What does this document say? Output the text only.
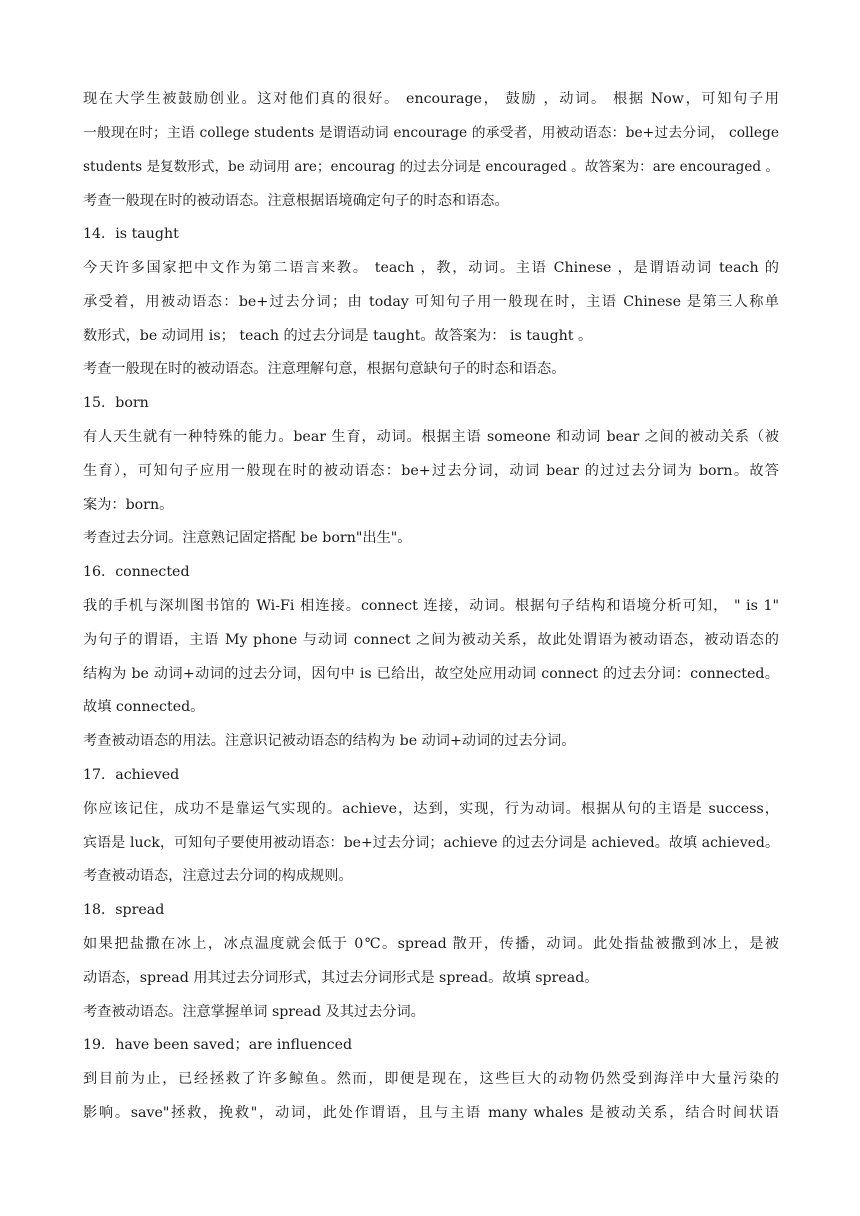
现在大学生被鼓励创业。这对他们真的很好。 encourage， 鼓励 ，动词。 根据 Now，可知句子用
一般现在时；主语 college students 是谓语动词 encourage 的承受者，用被动语态：be+过去分词， college
students 是复数形式，be 动词用 are；encourag 的过去分词是 encouraged 。故答案为：are encouraged 。
考查一般现在时的被动语态。注意根据语境确定句子的时态和语态。
14．is taught
今天许多国家把中文作为第二语言来教。 teach ，教，动词。主语 Chinese ，是谓语动词 teach 的
承受着，用被动语态：be+过去分词；由 today 可知句子用一般现在时，主语 Chinese 是第三人称单
数形式，be 动词用 is； teach 的过去分词是 taught。故答案为： is taught 。
考查一般现在时的被动语态。注意理解句意，根据句意缺句子的时态和语态。
15．born
有人天生就有一种特殊的能力。bear 生育，动词。根据主语 someone 和动词 bear 之间的被动关系（被
生育），可知句子应用一般现在时的被动语态：be+过去分词，动词 bear 的过过去分词为 born。故答
案为：born。
考查过去分词。注意熟记固定搭配 be born"出生"。
16．connected
我的手机与深圳图书馆的 Wi-Fi 相连接。connect 连接，动词。根据句子结构和语境分析可知， " is 1"
为句子的谓语，主语 My phone 与动词 connect 之间为被动关系，故此处谓语为被动语态，被动语态的
结构为 be 动词+动词的过去分词，因句中 is 已给出，故空处应用动词 connect 的过去分词：connected。
故填 connected。
考查被动语态的用法。注意识记被动语态的结构为 be 动词+动词的过去分词。
17．achieved
你应该记住，成功不是靠运气实现的。achieve，达到，实现，行为动词。根据从句的主语是 success，
宾语是 luck，可知句子要使用被动语态：be+过去分词；achieve 的过去分词是 achieved。故填 achieved。
考查被动语态，注意过去分词的构成规则。
18．spread
如果把盐撒在冰上，冰点温度就会低于 0℃。spread 散开，传播，动词。此处指盐被撒到冰上，是被
动语态，spread 用其过去分词形式，其过去分词形式是 spread。故填 spread。
考查被动语态。注意掌握单词 spread 及其过去分词。
19．have been saved；are influenced
到目前为止，已经拯救了许多鲸鱼。然而，即便是现在，这些巨大的动物仍然受到海洋中大量污染的
影响。save"拯救，挽救"，动词，此处作谓语，且与主语 many whales 是被动关系，结合时间状语
